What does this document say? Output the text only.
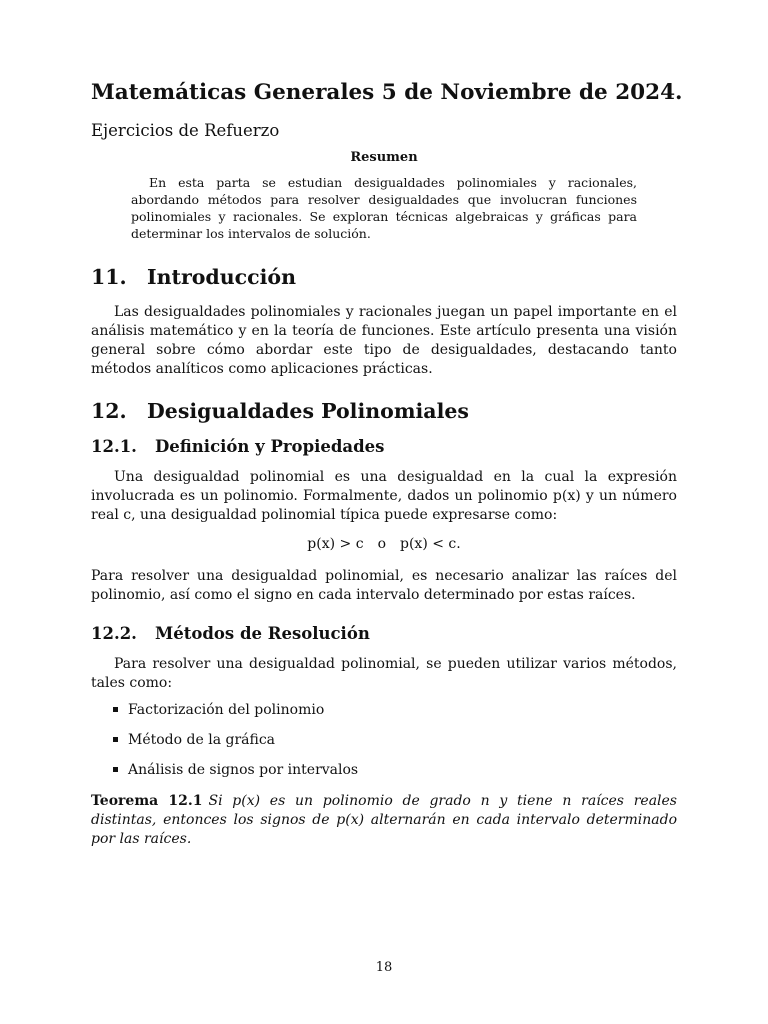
Matemáticas Generales 5 de Noviembre de 2024.
Ejercicios de Refuerzo
Resumen

En esta parta se estudian desigualdades polinomiales y racionales, abordando métodos para resolver desigualdades que involucran funciones polinomiales y racionales. Se exploran técnicas algebraicas y gráficas para determinar los intervalos de solución.

11. Introducción

Las desigualdades polinomiales y racionales juegan un papel importante en el análisis matemático y en la teoría de funciones. Este artículo presenta una visión general sobre cómo abordar este tipo de desigualdades, destacando tanto métodos analíticos como aplicaciones prácticas.

12. Desigualdades Polinomiales
12.1. Definición y Propiedades

Una desigualdad polinomial es una desigualdad en la cual la expresión involucrada es un polinomio. Formalmente, dados un polinomio p(x) y un número real c, una desigualdad polinomial típica puede expresarse como:

p(x) > c o p(x) < c.

Para resolver una desigualdad polinomial, es necesario analizar las raíces del polinomio, así como el signo en cada intervalo determinado por estas raíces.

12.2. Métodos de Resolución

Para resolver una desigualdad polinomial, se pueden utilizar varios métodos, tales como:

Factorización del polinomio
Método de la gráfica
Análisis de signos por intervalos

Teorema 12.1 Si p(x) es un polinomio de grado n y tiene n raíces reales distintas, entonces los signos de p(x) alternarán en cada intervalo determinado por las raíces.

18
